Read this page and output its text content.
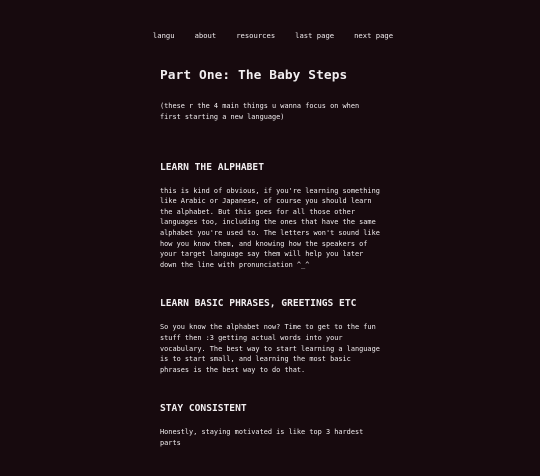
langu	about	resources	last page	next page
Part One: The Baby Steps
(these r the 4 main things u wanna focus on when first starting a new language)
LEARN THE ALPHABET

this is kind of obvious, if you're learning something like Arabic or Japanese, of course you should learn the alphabet. But this goes for all those other languages too, including the ones that have the same alphabet you're used to. The letters won't sound like how you know them, and knowing how the speakers of your target language say them will help you later down the line with pronunciation ^_^

LEARN BASIC PHRASES, GREETINGS ETC

So you know the alphabet now? Time to get to the fun stuff then :3 getting actual words into your vocabulary. The best way to start learning a language is to start small, and learning the most basic phrases is the best way to do that.

STAY CONSISTENT

Honestly, staying motivated is like top 3 hardest parts
